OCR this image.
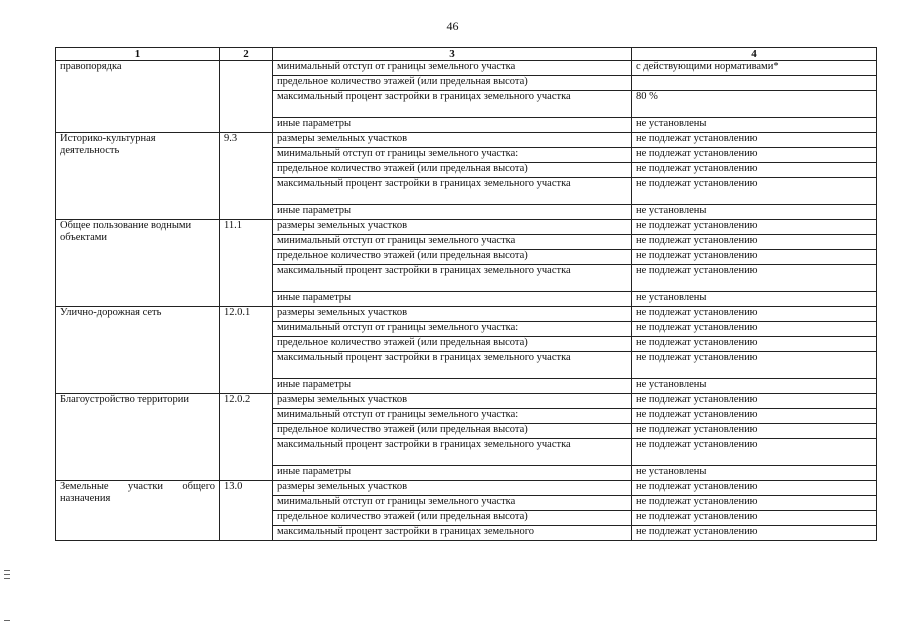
46
1	2	3	4
правопорядка		минимальный отступ от границы земельного участка	с действующими нормативами*
		предельное количество этажей (или предельная высота)	
		максимальный процент застройки в границах земельного участка	80 %
		иные параметры	не установлены
Историко-культурная деятельность	9.3	размеры земельных участков	не подлежат установлению
		минимальный отступ от границы земельного участка:	не подлежат установлению
		предельное количество этажей (или предельная высота)	не подлежат установлению
		максимальный процент застройки в границах земельного участка	не подлежат установлению
		иные параметры	не установлены
Общее пользование водными объектами	11.1	размеры земельных участков	не подлежат установлению
		минимальный отступ от границы земельного участка	не подлежат установлению
		предельное количество этажей (или предельная высота)	не подлежат установлению
		максимальный процент застройки в границах земельного участка	не подлежат установлению
		иные параметры	не установлены
Улично-дорожная сеть	12.0.1	размеры земельных участков	не подлежат установлению
		минимальный отступ от границы земельного участка:	не подлежат установлению
		предельное количество этажей (или предельная высота)	не подлежат установлению
		максимальный процент застройки в границах земельного участка	не подлежат установлению
		иные параметры	не установлены
Благоустройство территории	12.0.2	размеры земельных участков	не подлежат установлению
		минимальный отступ от границы земельного участка:	не подлежат установлению
		предельное количество этажей (или предельная высота)	не подлежат установлению
		максимальный процент застройки в границах земельного участка	не подлежат установлению
		иные параметры	не установлены
Земельные участки общего назначения	13.0	размеры земельных участков	не подлежат установлению
		минимальный отступ от границы земельного участка	не подлежат установлению
		предельное количество этажей (или предельная высота)	не подлежат установлению
		максимальный процент застройки в границах земельного	не подлежат установлению
